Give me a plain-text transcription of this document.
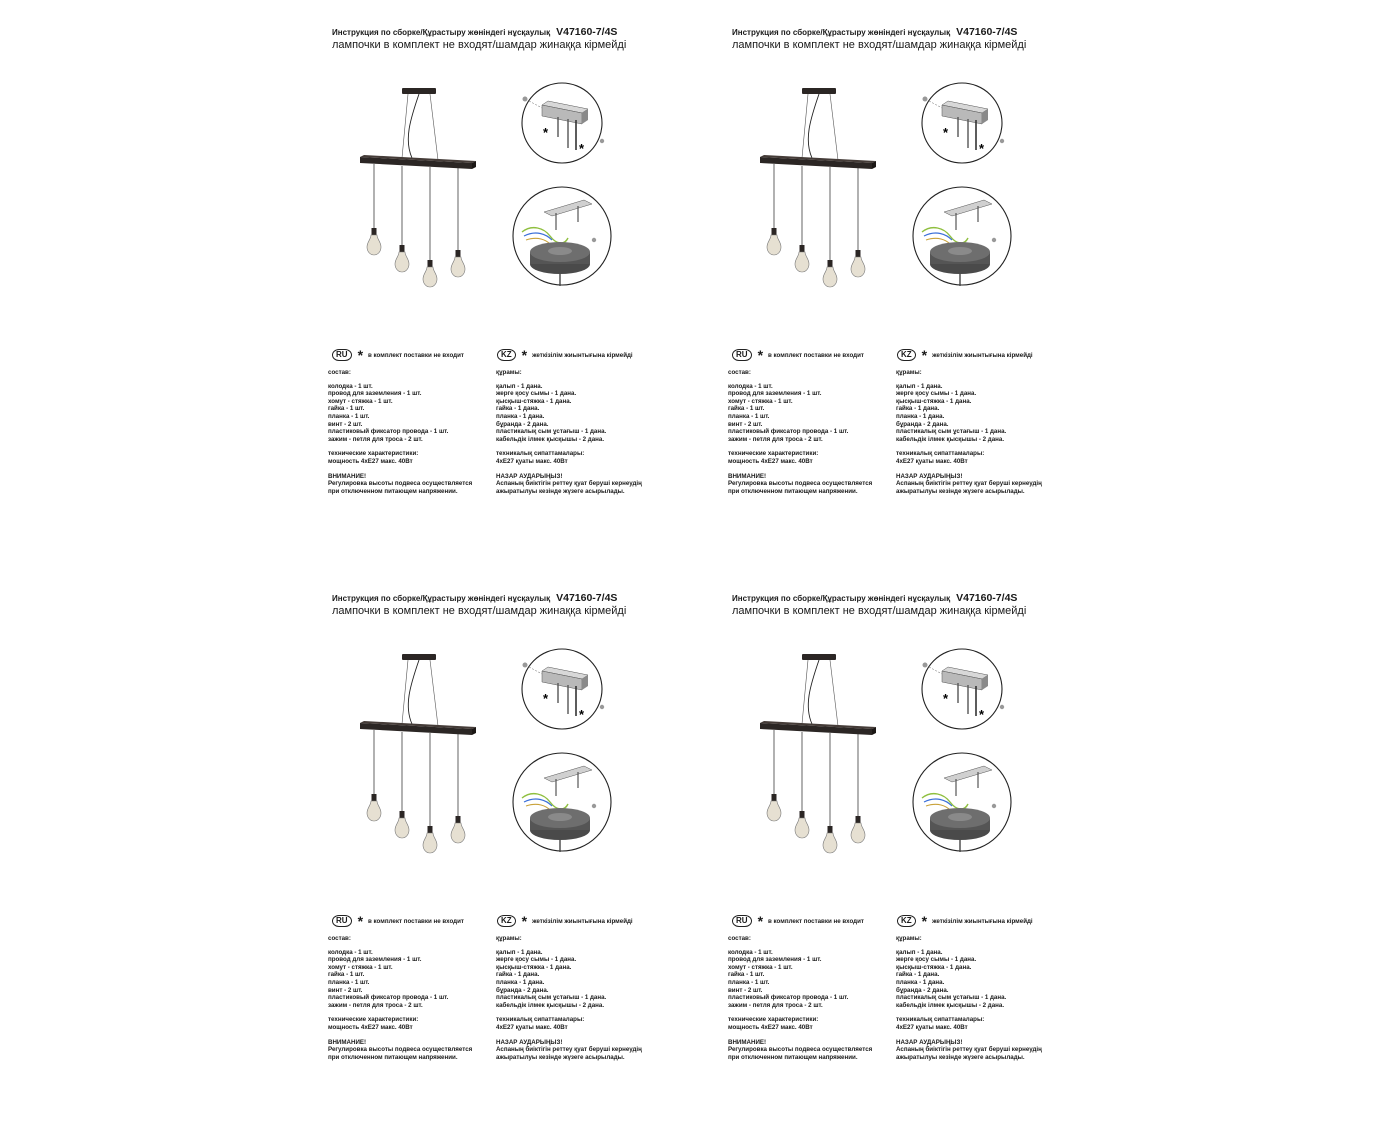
Инструкция по сборке/Құрастыру жөніндегі нұсқаулық V47160-7/4S
лампочки в комплект не входят/шамдар жинаққа кірмейді
*
*
RU * в комплект поставки не входит	KZ * жеткізілім жиынтығына кірмейді
состав:
колодка - 1 шт.
провод для заземления - 1 шт.
хомут - стяжка - 1 шт.
гайка - 1 шт.
планка - 1 шт.
винт - 2 шт.
пластиковый фиксатор провода - 1 шт.
зажим - петля для троса - 2 шт.
технические характеристики:
мощность 4хЕ27 макс. 40Вт
ВНИМАНИЕ!
Регулировка высоты подвеса осуществляется
при отключенном питающем напряжении.
құрамы:
қалып - 1 дана.
жерге қосу сымы - 1 дана.
қысқыш-стяжка - 1 дана.
гайка - 1 дана.
планка - 1 дана.
бұранда - 2 дана.
пластикалық сым ұстағыш - 1 дана.
кабельдік ілмек қысқышы - 2 дана.
техникалық сипаттамалары:
4хЕ27 қуаты макс. 40Вт
НАЗАР АУДАРЫҢЫЗ!
Аспаның биіктігін реттеу қуат беруші кернеудің
ажыратылуы кезінде жүзеге асырылады.
Инструкция по сборке/Құрастыру жөніндегі нұсқаулық V47160-7/4S
лампочки в комплект не входят/шамдар жинаққа кірмейді
*
*
RU * в комплект поставки не входит	KZ * жеткізілім жиынтығына кірмейді
состав:
колодка - 1 шт.
провод для заземления - 1 шт.
хомут - стяжка - 1 шт.
гайка - 1 шт.
планка - 1 шт.
винт - 2 шт.
пластиковый фиксатор провода - 1 шт.
зажим - петля для троса - 2 шт.
технические характеристики:
мощность 4хЕ27 макс. 40Вт
ВНИМАНИЕ!
Регулировка высоты подвеса осуществляется
при отключенном питающем напряжении.
құрамы:
қалып - 1 дана.
жерге қосу сымы - 1 дана.
қысқыш-стяжка - 1 дана.
гайка - 1 дана.
планка - 1 дана.
бұранда - 2 дана.
пластикалық сым ұстағыш - 1 дана.
кабельдік ілмек қысқышы - 2 дана.
техникалық сипаттамалары:
4хЕ27 қуаты макс. 40Вт
НАЗАР АУДАРЫҢЫЗ!
Аспаның биіктігін реттеу қуат беруші кернеудің
ажыратылуы кезінде жүзеге асырылады.
Инструкция по сборке/Құрастыру жөніндегі нұсқаулық V47160-7/4S
лампочки в комплект не входят/шамдар жинаққа кірмейді
*
*
RU * в комплект поставки не входит	KZ * жеткізілім жиынтығына кірмейді
состав:
колодка - 1 шт.
провод для заземления - 1 шт.
хомут - стяжка - 1 шт.
гайка - 1 шт.
планка - 1 шт.
винт - 2 шт.
пластиковый фиксатор провода - 1 шт.
зажим - петля для троса - 2 шт.
технические характеристики:
мощность 4хЕ27 макс. 40Вт
ВНИМАНИЕ!
Регулировка высоты подвеса осуществляется
при отключенном питающем напряжении.
құрамы:
қалып - 1 дана.
жерге қосу сымы - 1 дана.
қысқыш-стяжка - 1 дана.
гайка - 1 дана.
планка - 1 дана.
бұранда - 2 дана.
пластикалық сым ұстағыш - 1 дана.
кабельдік ілмек қысқышы - 2 дана.
техникалық сипаттамалары:
4хЕ27 қуаты макс. 40Вт
НАЗАР АУДАРЫҢЫЗ!
Аспаның биіктігін реттеу қуат беруші кернеудің
ажыратылуы кезінде жүзеге асырылады.
Инструкция по сборке/Құрастыру жөніндегі нұсқаулық V47160-7/4S
лампочки в комплект не входят/шамдар жинаққа кірмейді
*
*
RU * в комплект поставки не входит	KZ * жеткізілім жиынтығына кірмейді
состав:
колодка - 1 шт.
провод для заземления - 1 шт.
хомут - стяжка - 1 шт.
гайка - 1 шт.
планка - 1 шт.
винт - 2 шт.
пластиковый фиксатор провода - 1 шт.
зажим - петля для троса - 2 шт.
технические характеристики:
мощность 4хЕ27 макс. 40Вт
ВНИМАНИЕ!
Регулировка высоты подвеса осуществляется
при отключенном питающем напряжении.
құрамы:
қалып - 1 дана.
жерге қосу сымы - 1 дана.
қысқыш-стяжка - 1 дана.
гайка - 1 дана.
планка - 1 дана.
бұранда - 2 дана.
пластикалық сым ұстағыш - 1 дана.
кабельдік ілмек қысқышы - 2 дана.
техникалық сипаттамалары:
4хЕ27 қуаты макс. 40Вт
НАЗАР АУДАРЫҢЫЗ!
Аспаның биіктігін реттеу қуат беруші кернеудің
ажыратылуы кезінде жүзеге асырылады.
